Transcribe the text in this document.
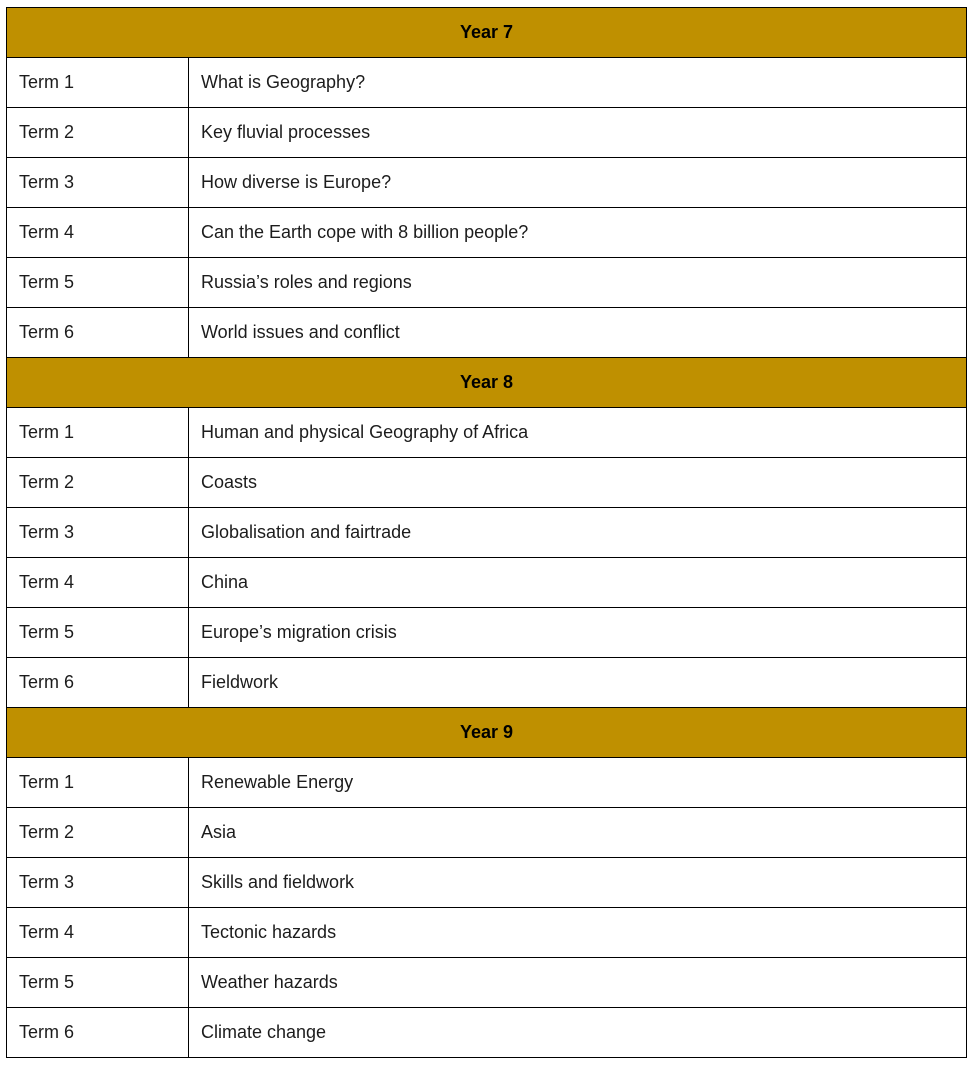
Year 7	
Term 1	What is Geography?
Term 2	Key fluvial processes
Term 3	How diverse is Europe?
Term 4	Can the Earth cope with 8 billion people?
Term 5	Russia’s roles and regions
Term 6	World issues and conflict
Year 8	
Term 1	Human and physical Geography of Africa
Term 2	Coasts
Term 3	Globalisation and fairtrade
Term 4	China
Term 5	Europe’s migration crisis
Term 6	Fieldwork
Year 9	
Term 1	Renewable Energy
Term 2	Asia
Term 3	Skills and fieldwork
Term 4	Tectonic hazards
Term 5	Weather hazards
Term 6	Climate change
